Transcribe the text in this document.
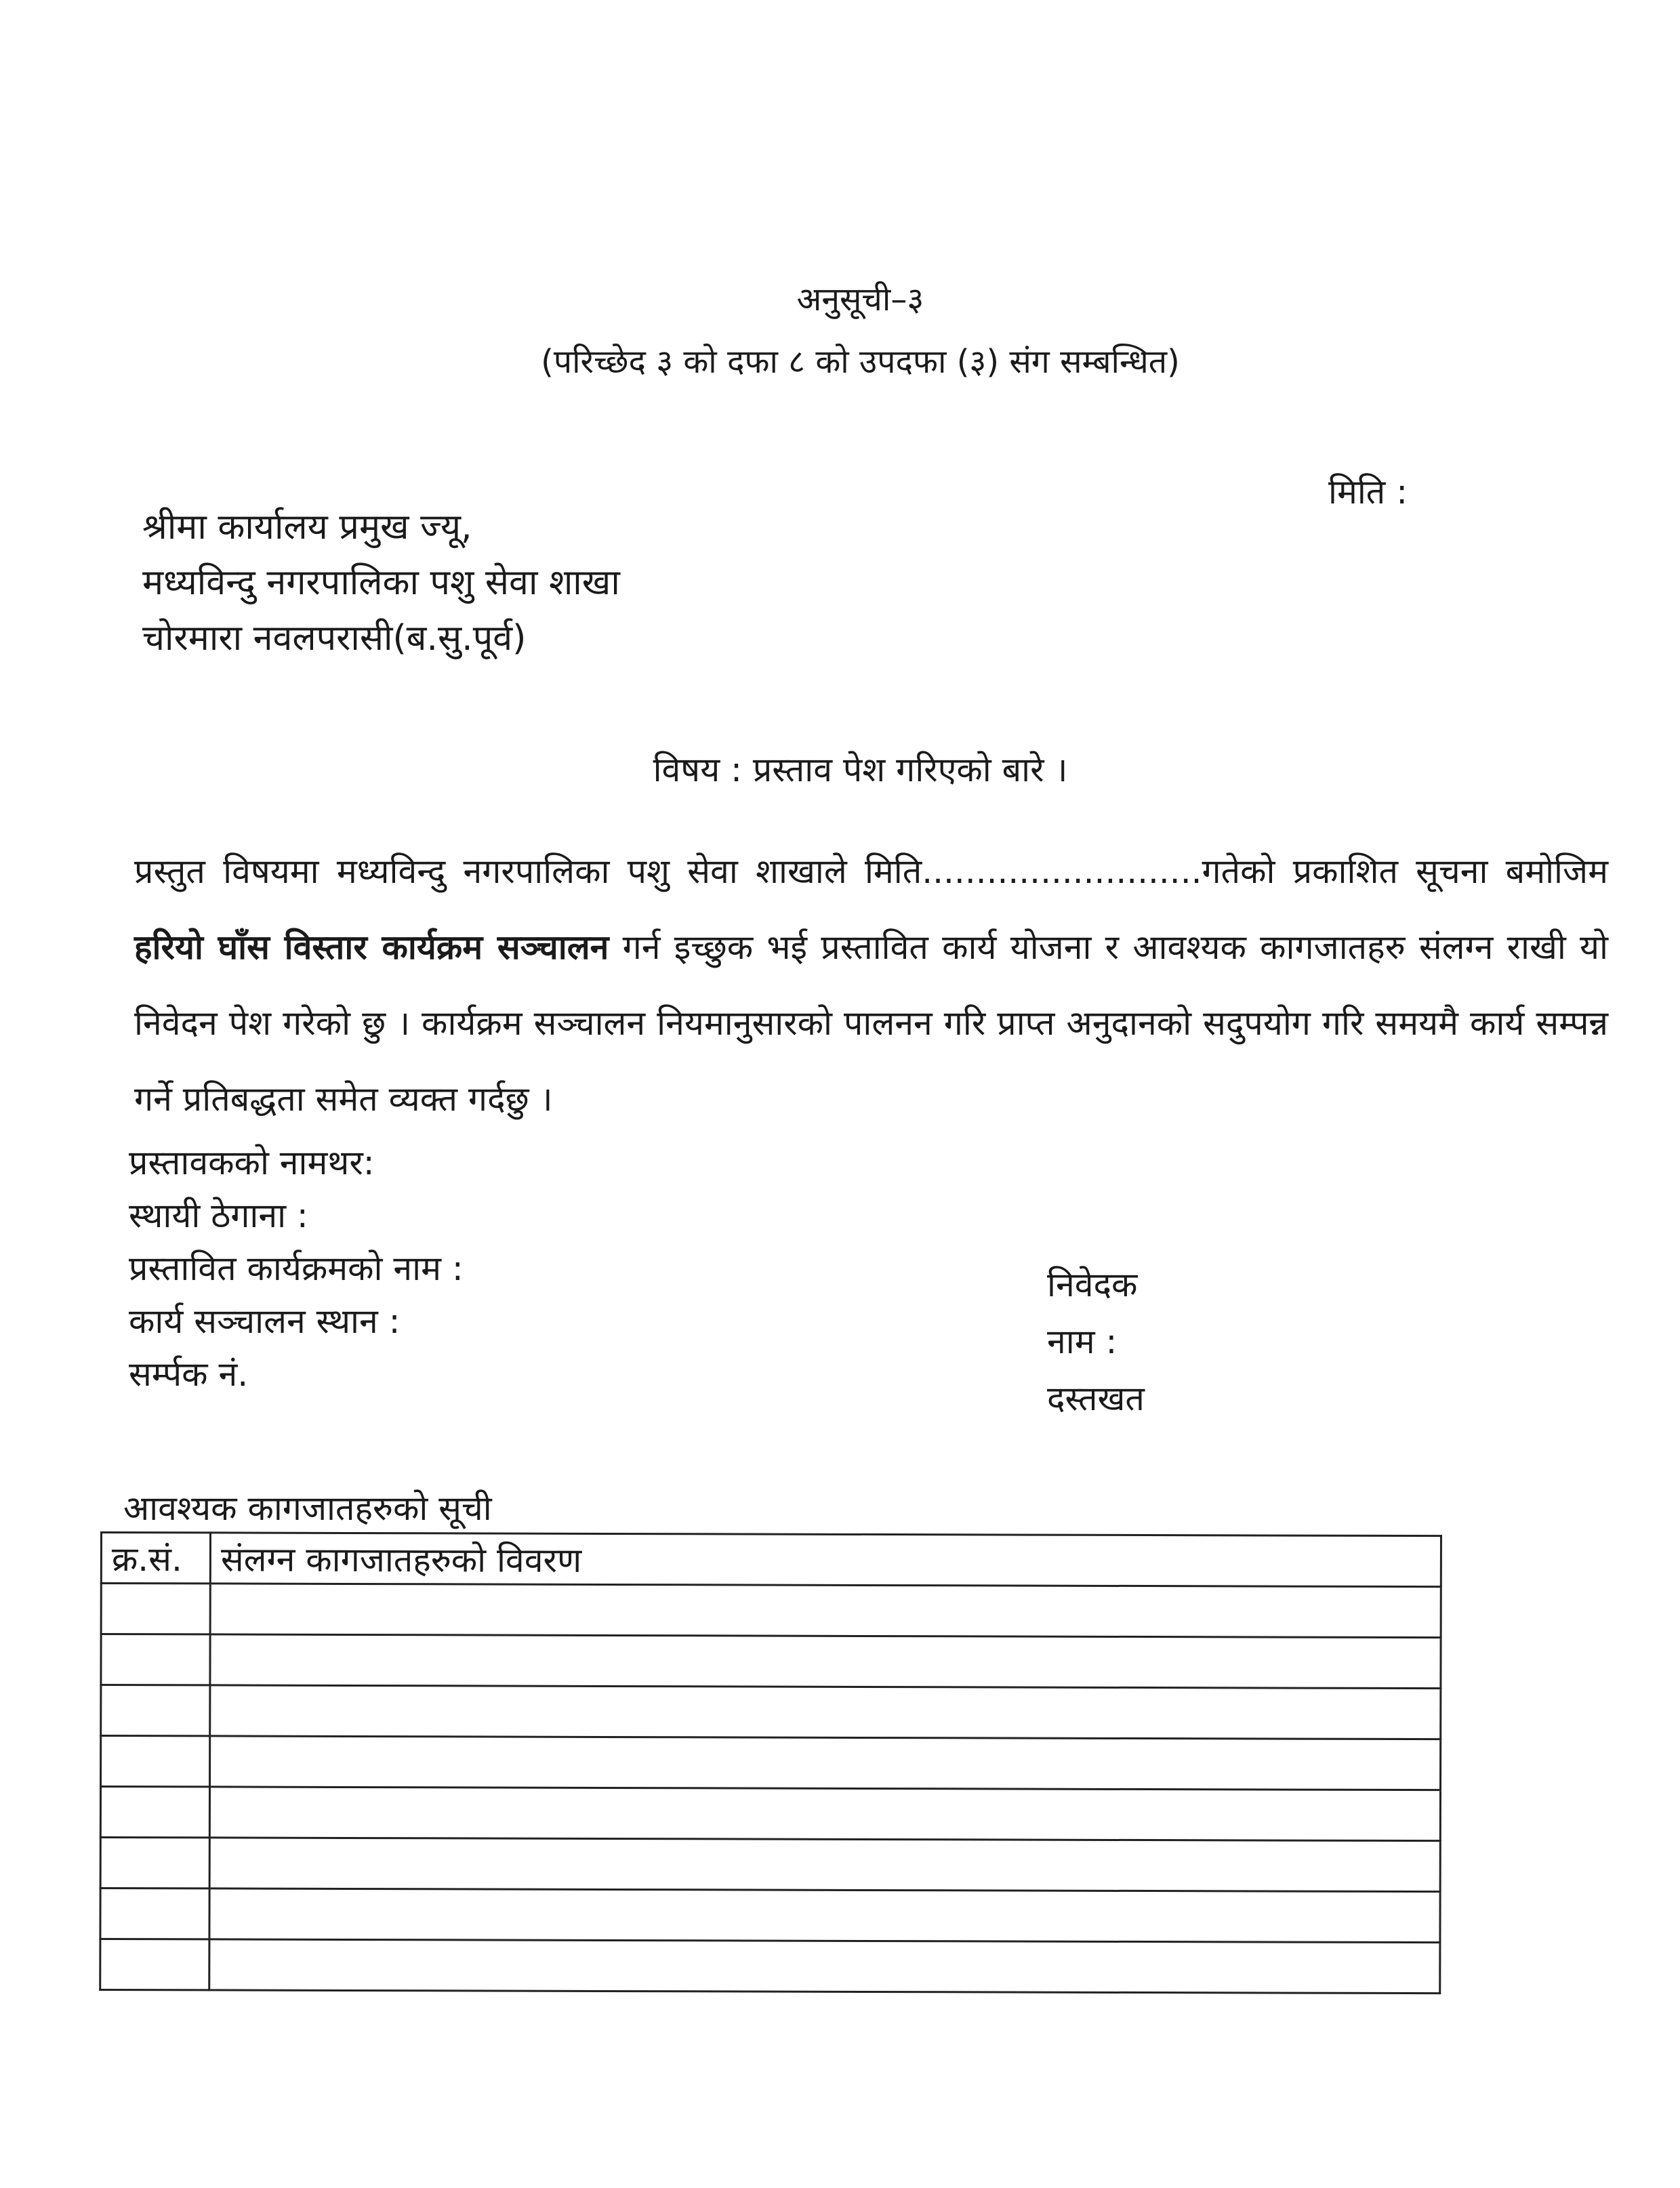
अनुसूची–३
(परिच्छेद ३ को दफा ८ को उपदफा (३) संग सम्बन्धित)
मिति :
श्रीमा कार्यालय प्रमुख ज्यू,
मध्यविन्दु नगरपालिका पशु सेवा शाखा
चोरमारा नवलपरासी(ब.सु.पूर्व)
विषय : प्रस्ताव पेश गरिएको बारे ।
प्रस्तुत विषयमा मध्यविन्दु नगरपालिका पशु सेवा शाखाले मिति..........................गतेको प्रकाशित सूचना बमोजिम हरियो घाँस विस्तार कार्यक्रम सञ्चालन गर्न इच्छुक भई प्रस्तावित कार्य योजना र आवश्यक कागजातहरु संलग्न राखी यो निवेदन पेश गरेको छु । कार्यक्रम सञ्चालन नियमानुसारको पालनन गरि प्राप्त अनुदानको सदुपयोग गरि समयमै कार्य सम्पन्न गर्ने प्रतिबद्धता समेत व्यक्त गर्दछु ।
प्रस्तावकको नामथर:
स्थायी ठेगाना :
प्रस्तावित कार्यक्रमको नाम :
कार्य सञ्चालन स्थान :
सर्म्पक नं.
निवेदक
नाम :
दस्तखत
आवश्यक कागजातहरुको सूची
क्र.सं.	संलग्न कागजातहरुको विवरण
